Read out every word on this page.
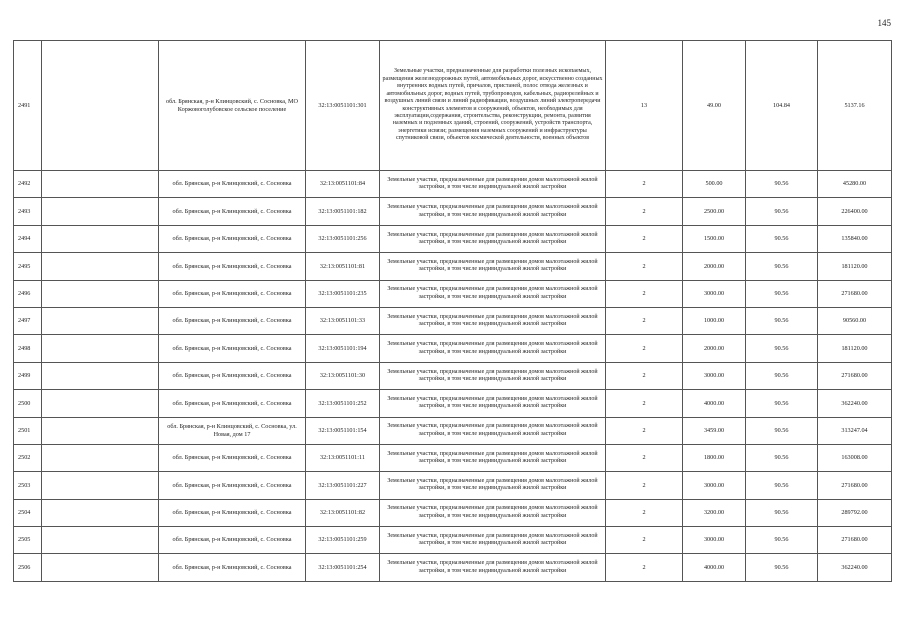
145
2491		обл. Брянская, р-н Клинцовский, с. Сосновка, МО Коржовоголубовское сельское поселение	32:13:0051101:301	Земельные участки, предназначенные для разработки полезных ископаемых, размещения железнодорожных путей, автомобильных дорог, искусственно созданных внутренних водных путей, причалов, пристаней, полос отвода железных и автомобильных дорог, водных путей, трубопроводов, кабельных, радиорелейных и воздушных линий связи и линий радиофикации, воздушных линий электропередачи конструктивных элементов и сооружений, объектов, необходимых для эксплуатации,содержания, строительства, реконструкции, ремонта, развития наземных и подземных зданий, строений, сооружений, устройств транспорта, энергетики исвязи; размещения наземных сооружений и инфраструктуры спутниковой связи, объектов космической деятельности, военных объектов	13	49.00	104.84	5137.16
2492		обл. Брянская, р-н Клинцовский, с. Сосновка	32:13:0051101:84	Земельные участки, предназначенные для размещения домов малоэтажной жилой застройки, в том числе индивидуальной жилой застройки	2	500.00	90.56	45280.00
2493		обл. Брянская, р-н Клинцовский, с. Сосновка	32:13:0051101:182	Земельные участки, предназначенные для размещения домов малоэтажной жилой застройки, в том числе индивидуальной жилой застройки	2	2500.00	90.56	226400.00
2494		обл. Брянская, р-н Клинцовский, с. Сосновка	32:13:0051101:256	Земельные участки, предназначенные для размещения домов малоэтажной жилой застройки, в том числе индивидуальной жилой застройки	2	1500.00	90.56	135840.00
2495		обл. Брянская, р-н Клинцовский, с. Сосновка	32:13:0051101:81	Земельные участки, предназначенные для размещения домов малоэтажной жилой застройки, в том числе индивидуальной жилой застройки	2	2000.00	90.56	181120.00
2496		обл. Брянская, р-н Клинцовский, с. Сосновка	32:13:0051101:235	Земельные участки, предназначенные для размещения домов малоэтажной жилой застройки, в том числе индивидуальной жилой застройки	2	3000.00	90.56	271680.00
2497		обл. Брянская, р-н Клинцовский, с. Сосновка	32:13:0051101:33	Земельные участки, предназначенные для размещения домов малоэтажной жилой застройки, в том числе индивидуальной жилой застройки	2	1000.00	90.56	90560.00
2498		обл. Брянская, р-н Клинцовский, с. Сосновка	32:13:0051101:194	Земельные участки, предназначенные для размещения домов малоэтажной жилой застройки, в том числе индивидуальной жилой застройки	2	2000.00	90.56	181120.00
2499		обл. Брянская, р-н Клинцовский, с. Сосновка	32:13:0051101:30	Земельные участки, предназначенные для размещения домов малоэтажной жилой застройки, в том числе индивидуальной жилой застройки	2	3000.00	90.56	271680.00
2500		обл. Брянская, р-н Клинцовский, с. Сосновка	32:13:0051101:252	Земельные участки, предназначенные для размещения домов малоэтажной жилой застройки, в том числе индивидуальной жилой застройки	2	4000.00	90.56	362240.00
2501		обл. Брянская, р-н Клинцовский, с. Сосновка, ул. Новая, дом 17	32:13:0051101:154	Земельные участки, предназначенные для размещения домов малоэтажной жилой застройки, в том числе индивидуальной жилой застройки	2	3459.00	90.56	313247.04
2502		обл. Брянская, р-н Клинцовский, с. Сосновка	32:13:0051101:11	Земельные участки, предназначенные для размещения домов малоэтажной жилой застройки, в том числе индивидуальной жилой застройки	2	1800.00	90.56	163008.00
2503		обл. Брянская, р-н Клинцовский, с. Сосновка	32:13:0051101:227	Земельные участки, предназначенные для размещения домов малоэтажной жилой застройки, в том числе индивидуальной жилой застройки	2	3000.00	90.56	271680.00
2504		обл. Брянская, р-н Клинцовский, с. Сосновка	32:13:0051101:82	Земельные участки, предназначенные для размещения домов малоэтажной жилой застройки, в том числе индивидуальной жилой застройки	2	3200.00	90.56	289792.00
2505		обл. Брянская, р-н Клинцовский, с. Сосновка	32:13:0051101:259	Земельные участки, предназначенные для размещения домов малоэтажной жилой застройки, в том числе индивидуальной жилой застройки	2	3000.00	90.56	271680.00
2506		обл. Брянская, р-н Клинцовский, с. Сосновка	32:13:0051101:254	Земельные участки, предназначенные для размещения домов малоэтажной жилой застройки, в том числе индивидуальной жилой застройки	2	4000.00	90.56	362240.00
